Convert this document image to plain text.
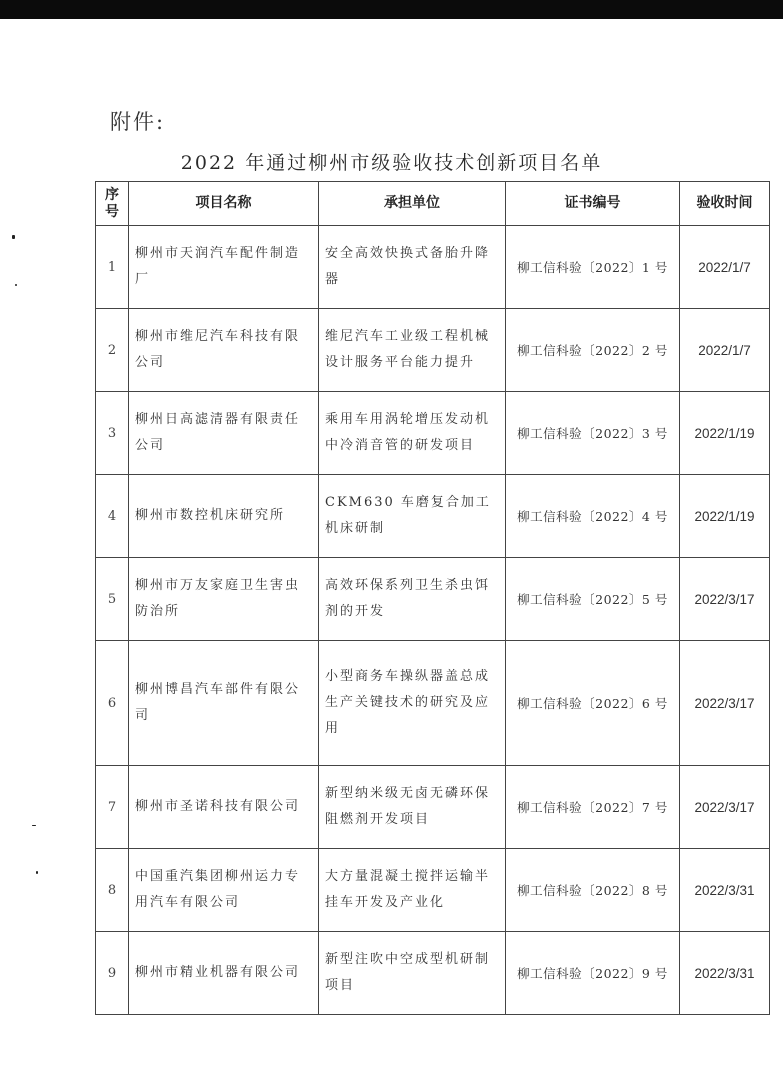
附件:
2022 年通过柳州市级验收技术创新项目名单
序号	项目名称	承担单位	证书编号	验收时间
1	柳州市天润汽车配件制造厂	安全高效快换式备胎升降器	柳工信科验〔2022〕1 号	2022/1/7
2	柳州市维尼汽车科技有限公司	维尼汽车工业级工程机械设计服务平台能力提升	柳工信科验〔2022〕2 号	2022/1/7
3	柳州日高滤清器有限责任公司	乘用车用涡轮增压发动机中冷消音管的研发项目	柳工信科验〔2022〕3 号	2022/1/19
4	柳州市数控机床研究所	CKM630 车磨复合加工机床研制	柳工信科验〔2022〕4 号	2022/1/19
5	柳州市万友家庭卫生害虫防治所	高效环保系列卫生杀虫饵剂的开发	柳工信科验〔2022〕5 号	2022/3/17
6	柳州博昌汽车部件有限公司	小型商务车操纵器盖总成生产关键技术的研究及应用	柳工信科验〔2022〕6 号	2022/3/17
7	柳州市圣诺科技有限公司	新型纳米级无卤无磷环保阻燃剂开发项目	柳工信科验〔2022〕7 号	2022/3/17
8	中国重汽集团柳州运力专用汽车有限公司	大方量混凝土搅拌运输半挂车开发及产业化	柳工信科验〔2022〕8 号	2022/3/31
9	柳州市精业机器有限公司	新型注吹中空成型机研制项目	柳工信科验〔2022〕9 号	2022/3/31
